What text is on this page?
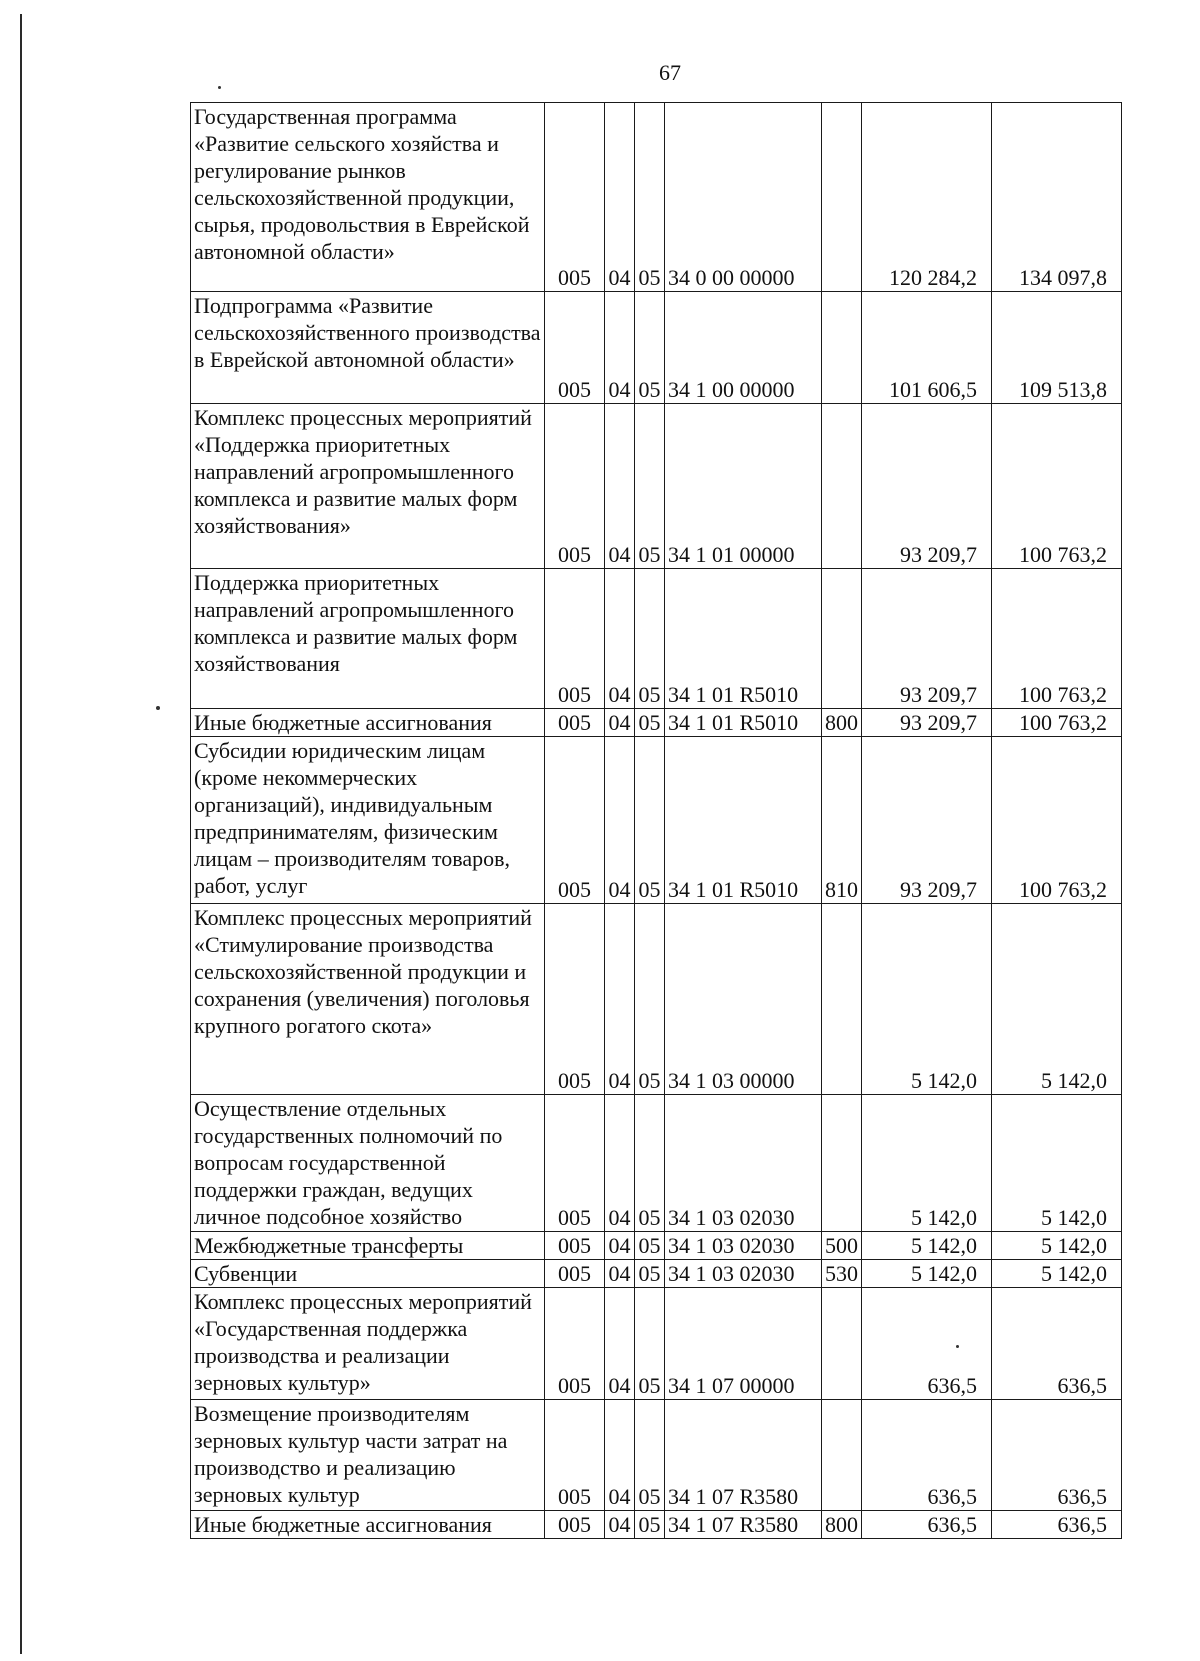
67
Государственная программа «Развитие сельского хозяйства и регулирование рынков сельскохозяйственной продукции, сырья, продовольствия в Еврейской автономной области»	005	04	05	34 0 00 00000		120 284,2	134 097,8
Подпрограмма «Развитие сельскохозяйственного производства в Еврейской автономной области»	005	04	05	34 1 00 00000		101 606,5	109 513,8
Комплекс процессных мероприятий «Поддержка приоритетных направлений агропромышленного комплекса и развитие малых форм хозяйствования»	005	04	05	34 1 01 00000		93 209,7	100 763,2
Поддержка приоритетных направлений агропромышленного комплекса и развитие малых форм хозяйствования	005	04	05	34 1 01 R5010		93 209,7	100 763,2
Иные бюджетные ассигнования	005	04	05	34 1 01 R5010	800	93 209,7	100 763,2
Субсидии юридическим лицам (кроме некоммерческих организаций), индивидуальным предпринимателям, физическим лицам – производителям товаров, работ, услуг	005	04	05	34 1 01 R5010	810	93 209,7	100 763,2
Комплекс процессных мероприятий «Стимулирование производства сельскохозяйственной продукции и сохранения (увеличения) поголовья крупного рогатого скота»	005	04	05	34 1 03 00000		5 142,0	5 142,0
Осуществление отдельных государственных полномочий по вопросам государственной поддержки граждан, ведущих личное подсобное хозяйство	005	04	05	34 1 03 02030		5 142,0	5 142,0
Межбюджетные трансферты	005	04	05	34 1 03 02030	500	5 142,0	5 142,0
Субвенции	005	04	05	34 1 03 02030	530	5 142,0	5 142,0
Комплекс процессных мероприятий «Государственная поддержка производства и реализации зерновых культур»	005	04	05	34 1 07 00000		636,5	636,5
Возмещение производителям зерновых культур части затрат на производство и реализацию зерновых культур	005	04	05	34 1 07 R3580		636,5	636,5
Иные бюджетные ассигнования	005	04	05	34 1 07 R3580	800	636,5	636,5
